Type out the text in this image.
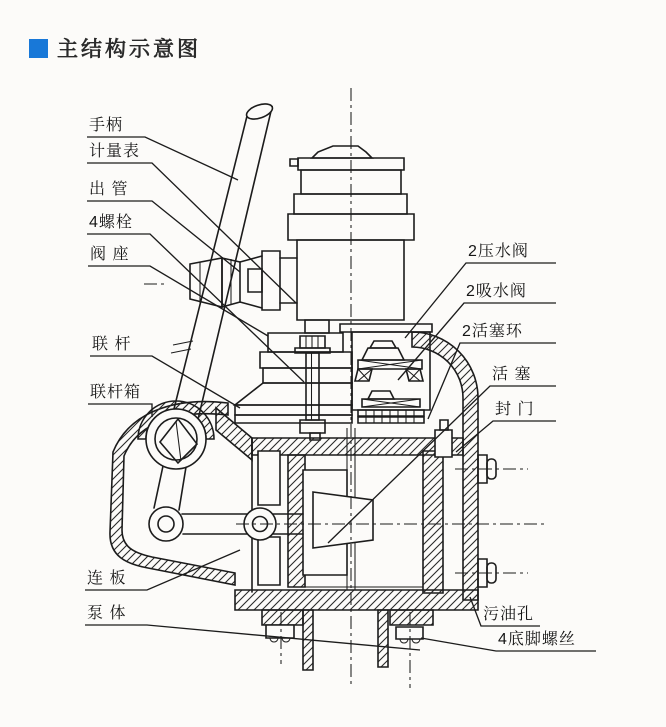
主结构示意图
手柄
计量表
出 管
4螺栓
阀 座
联 杆
联杆箱
连 板
泵 体
2压水阀
2吸水阀
2活塞环
活 塞
封 门
污油孔
4底脚螺丝
